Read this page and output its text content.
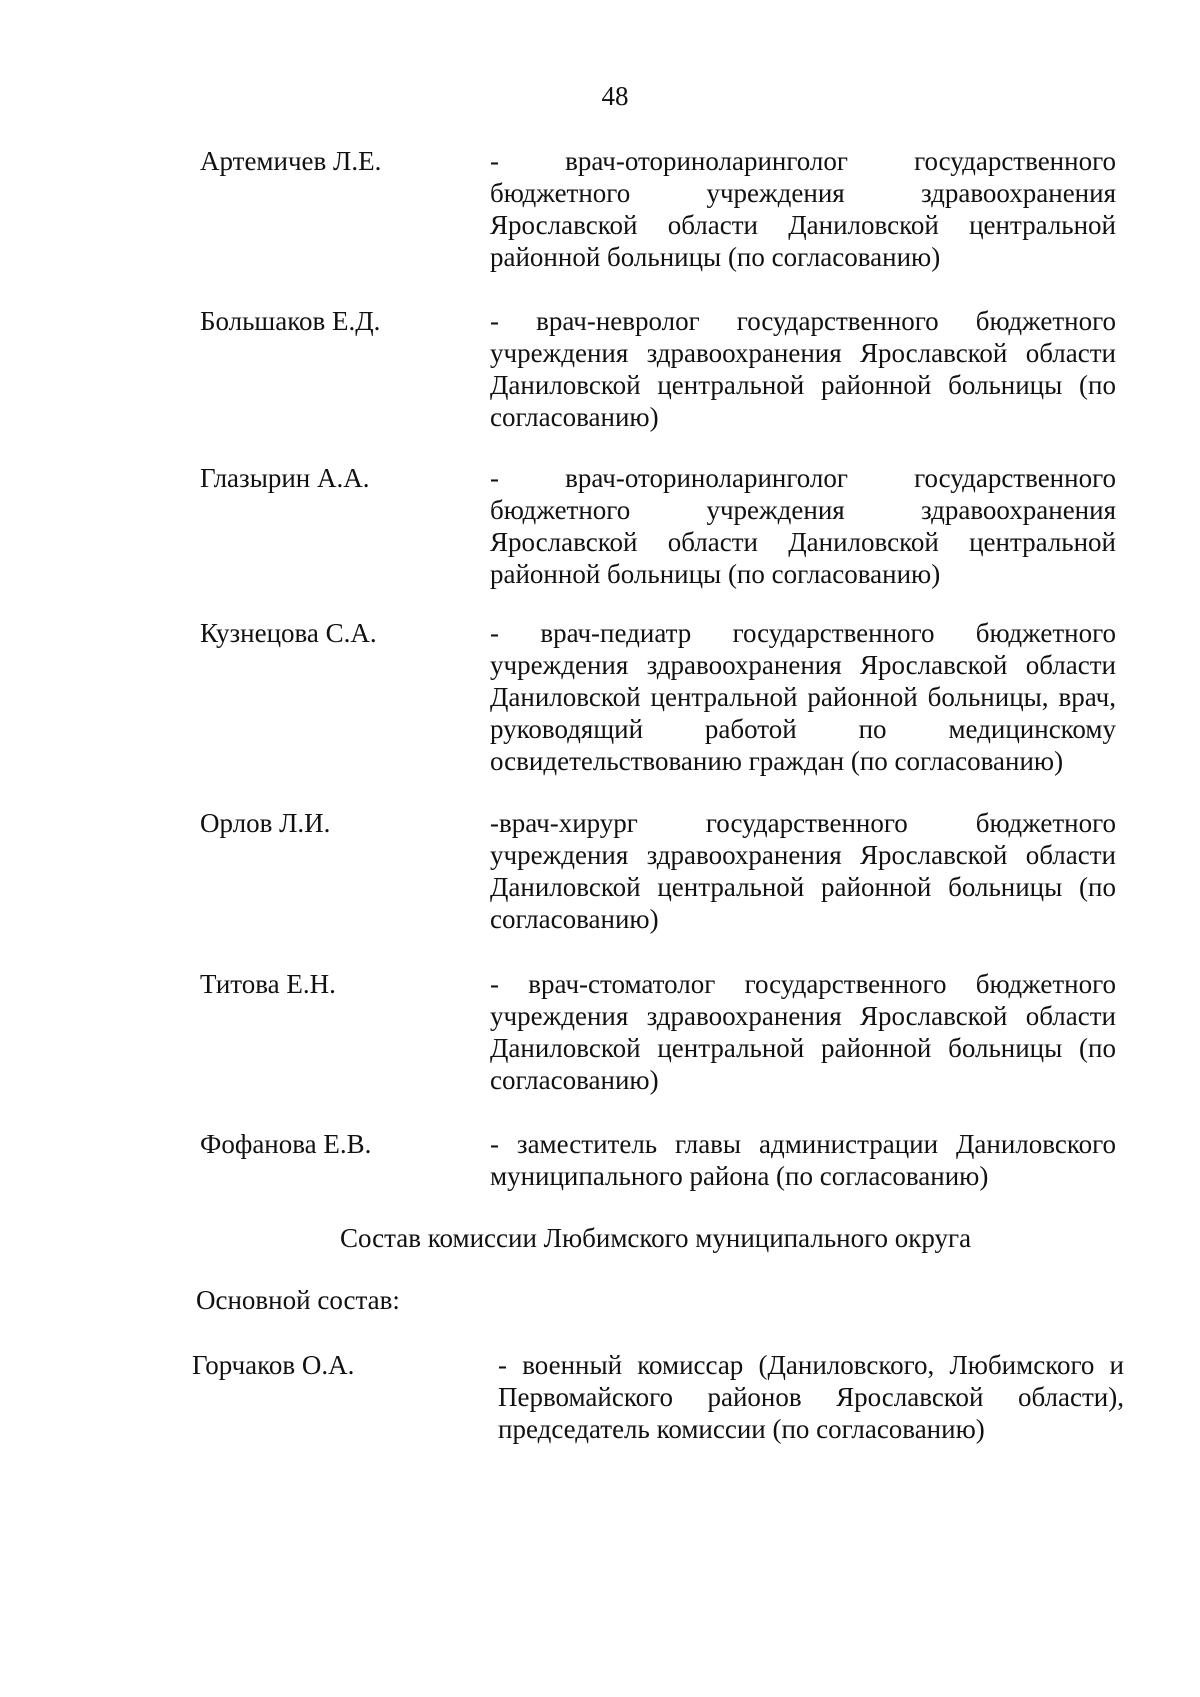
48
Артемичев Л.Е.	- врач-оториноларинголог государственного бюджетного учреждения здравоохранения Ярославской области Даниловской центральной районной больницы (по согласованию)
Большаков Е.Д.	- врач-невролог государственного бюджетного учреждения здравоохранения Ярославской области Даниловской центральной районной больницы (по согласованию)
Глазырин А.А.	- врач-оториноларинголог государственного бюджетного учреждения здравоохранения Ярославской области Даниловской центральной районной больницы (по согласованию)
Кузнецова С.А.	- врач-педиатр государственного бюджетного учреждения здравоохранения Ярославской области Даниловской центральной районной больницы, врач, руководящий работой по медицинскому освидетельствованию граждан (по согласованию)
Орлов Л.И.	-врач-хирург государственного бюджетного учреждения здравоохранения Ярославской области Даниловской центральной районной больницы (по согласованию)
Титова Е.Н.	- врач-стоматолог государственного бюджетного учреждения здравоохранения Ярославской области Даниловской центральной районной больницы (по согласованию)
Фофанова Е.В.	- заместитель главы администрации Даниловского муниципального района (по согласованию)
Состав комиссии Любимского муниципального округа
Основной состав:
Горчаков О.А.	- военный комиссар (Даниловского, Любимского и Первомайского районов Ярославской области), председатель комиссии (по согласованию)
